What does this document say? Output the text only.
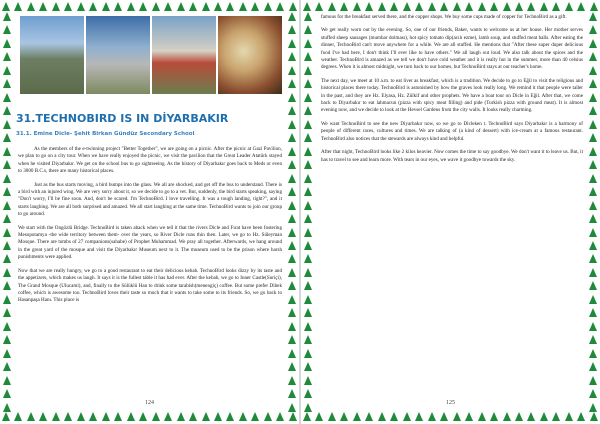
31.TECHNOBIRD IS IN DİYARBAKIR
31.1. Emine Dicle- Şehit Birkan Gündüz Secondary School

As the members of the e-twinning project "Better Together", we are going on a picnic. After the picnic at Gazi Pavilion, we plan to go on a city tour. When we have really enjoyed the picnic, we visit the pavilion that the Great Leader Atatürk stayed when he visited Diyarbakır. We get on the school bus to go sightseeing. As the history of Diyarbakır goes back to Meds or even to 3000 B.C.s, there are many historical places.

Just as the bus starts moving, a bird bumps into the glass. We all are shocked, and get off the bus to understand. There is a bird with an injured wing. We are very sorry about it, so we decide to go to a vet. But, suddenly, the bird starts speaking, saying "Don't worry, I'll be fine soon. And, don't be scared. I'm TechnoBird. I love travelling. It was a tough landing, right?", and it starts laughing. We are all both surprised and amazed. We all start laughing at the same time. TechnoBird wants to join our group to go around.

We start with the Ongözlü Bridge. TechnoBird is taken aback when we tell it that the rivers Dicle and Fırat have been fostering Mesopotamya -the wide territory between them- over the years, so River Dicle runs thin then. Later, we go to Hz. Süleyman Mosque. There are tombs of 27 companions(sahabe) of Prophet Muhammad. We pray all together. Afterwards, we hang around in the great yard of the mosque and visit the Diyarbakır Museum next to it. The museum used to be the prison where harsh punishments were applied.

Now that we are really hungry, we go to a good restaurant to eat their delicious kebab. TechnoBird looks dizzy by its taste and the appetizers, which makes us laugh. It says it is the fullest table it has had ever. After the kebab, we go to Inner Castle(Suriçi), The Grand Mosque (Ulucami), and, finally to the Sülüklü Han to drink some tarabish(menengiç) coffee. But some prefer Dibek coffee, which is awesome too. TechnoBird loves their taste so much that it wants to take some to its friends. So, we go back to Hasanpaşa Hanı. This place is

124

famous for the breakfast served there, and the copper shops. We buy some cups made of copper for TechnoBird as a gift.

We get really worn out by the evening. So, one of our friends, Baker, wants to welcome us at her house. Her mother serves stuffed sheep sausages (mumbar dolması), hot spicy tomato dip(acılı ezme), lamb soup, and stuffed meat balls. After eating the dinner, TechnoBird can't move anywhere for a while. We are all stuffed. He mentions that "After these super duper delicious food I've had here, I don't think I'll ever like to have others." We all laugh out loud. We also talk about the spices and the weather. TechnoBird is amazed as we tell we don't have cold weather and it is really hot in the summer, more than 40 celsius degrees. When it is almost midnight, we turn back to our homes, but TechnoBird stays at our teacher's home.

The next day, we meet at 10 a.m. to eat liver as breakfast, which is a tradition. We decide to go to Eğil to visit the religious and historical places there today. TechnoBird is astonished by how the graves look really long. We remind it that people were taller in the past, and they are Hz. Elyasa, Hz. Zülkif and other prophets. We have a boat tour on Dicle in Eğil. After that, we come back to Diyarbakır to eat lahmacun (pizza with spicy meat filling) and pide (Turkish pizza with ground meat). It is almost evening now, and we decide to look at the Hevsel Gardens from the city walls. It looks really charming.

We want TechnoBird to see the new Diyarbakır now, so we go to Dicleken t. TechnoBird says Diyarbakır is a harmony of people of different races, cultures and times. We are talking of (a kind of dessert) with ice-cream at a famous restaurant. TechnoBird also notices that the stewards are always kind and helpful.

After that night, TechnoBird looks like 2 kilos heavier. Now comes the time to say goodbye. We don't want it to leave us. But, it has to travel to see and learn more. With tears in our eyes, we wave it goodbye towards the sky.

125
